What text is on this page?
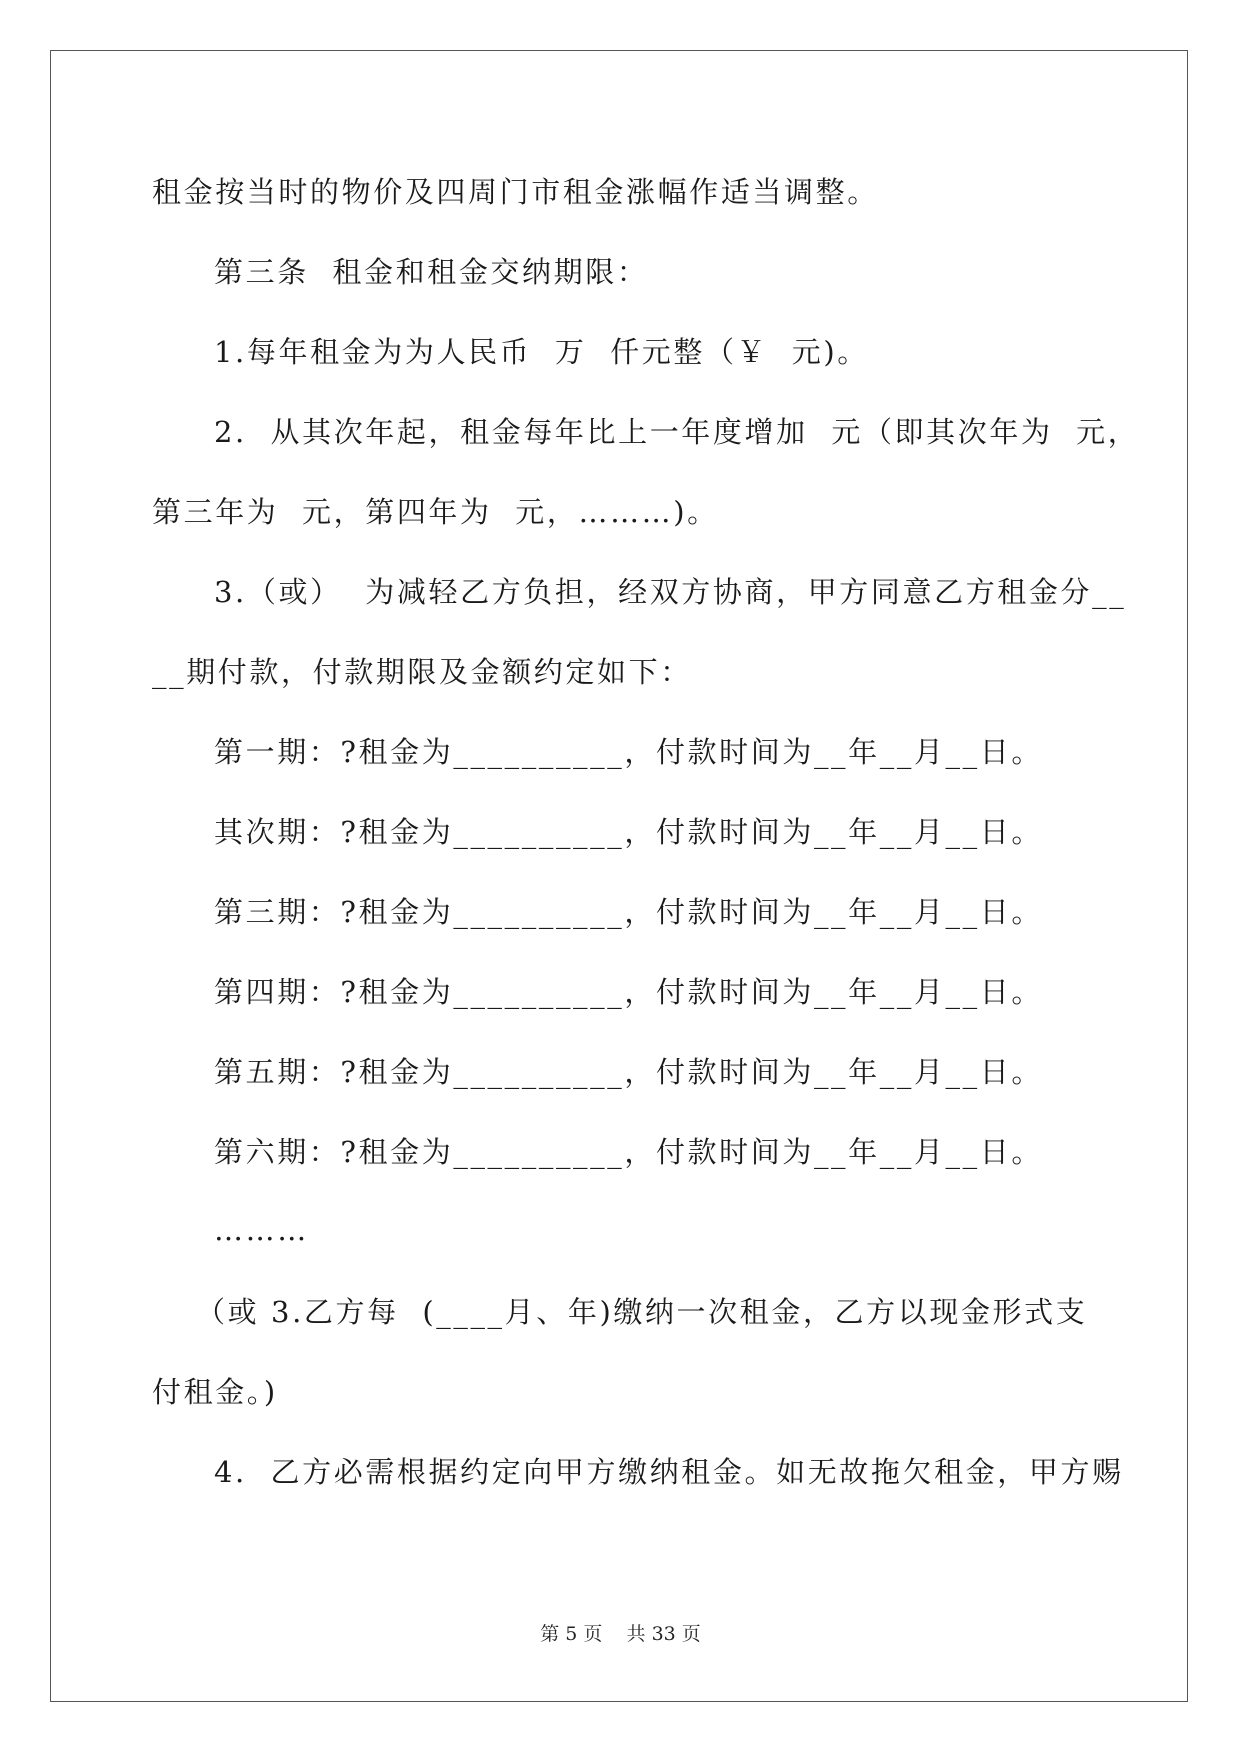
租金按当时的物价及四周门市租金涨幅作适当调整。
第三条  租金和租金交纳期限：
1.每年租金为为人民币  万  仟元整（￥  元)。
2.  从其次年起，租金每年比上一年度增加  元（即其次年为  元，
第三年为  元，第四年为  元，………)。
3.（或）  为减轻乙方负担，经双方协商，甲方同意乙方租金分__
__期付款，付款期限及金额约定如下：
第一期：?租金为__________，付款时间为__年__月__日。
其次期：?租金为__________，付款时间为__年__月__日。
第三期：?租金为__________，付款时间为__年__月__日。
第四期：?租金为__________，付款时间为__年__月__日。
第五期：?租金为__________，付款时间为__年__月__日。
第六期：?租金为__________，付款时间为__年__月__日。
………
（或 3.乙方每  (____月、年)缴纳一次租金，乙方以现金形式支
付租金。)
4.  乙方必需根据约定向甲方缴纳租金。如无故拖欠租金，甲方赐
第 5 页 共 33 页
